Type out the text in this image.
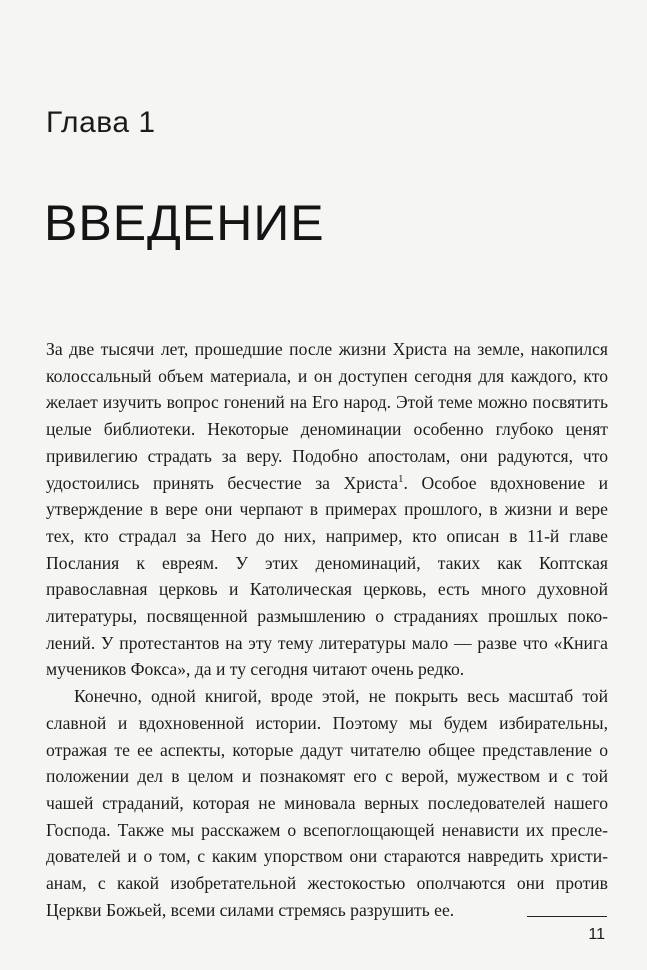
Глава 1
ВВЕДЕНИЕ

За две тысячи лет, прошедшие после жизни Христа на земле, накопился колоссальный объем материала, и он доступен сегодня для каждого, кто желает изучить вопрос гонений на Его народ. Этой теме можно посвятить целые библиотеки. Некоторые деноминации особенно глубоко ценят привилегию страдать за веру. Подобно апостолам, они радуются, что удостоились принять бесчестие за Христа$^1$. Особое вдохновение и утверждение в вере они черпают в примерах прошлого, в жизни и вере тех, кто страдал за Него до них, например, кто описан в 11-й главе Послания к евреям. У этих деноминаций, таких как Коптская православная церковь и Католическая церковь, есть много духовной литературы, посвященной размышлению о страданиях прошлых поколений. У протестантов на эту тему литературы мало — разве что «Книга мучеников Фокса», да и ту сегодня читают очень редко.

Конечно, одной книгой, вроде этой, не покрыть весь масштаб той славной и вдохновенной истории. Поэтому мы будем избирательны, отражая те ее аспекты, которые дадут читателю общее представление о положении дел в целом и познакомят его с верой, мужеством и с той чашей страданий, которая не миновала верных последователей нашего Господа. Также мы расскажем о всепоглощающей ненависти их преследователей и о том, с каким упорством они стараются навредить христианам, с какой изобретательной жестокостью ополчаются они против Церкви Божьей, всеми силами стремясь разрушить ее.

11
